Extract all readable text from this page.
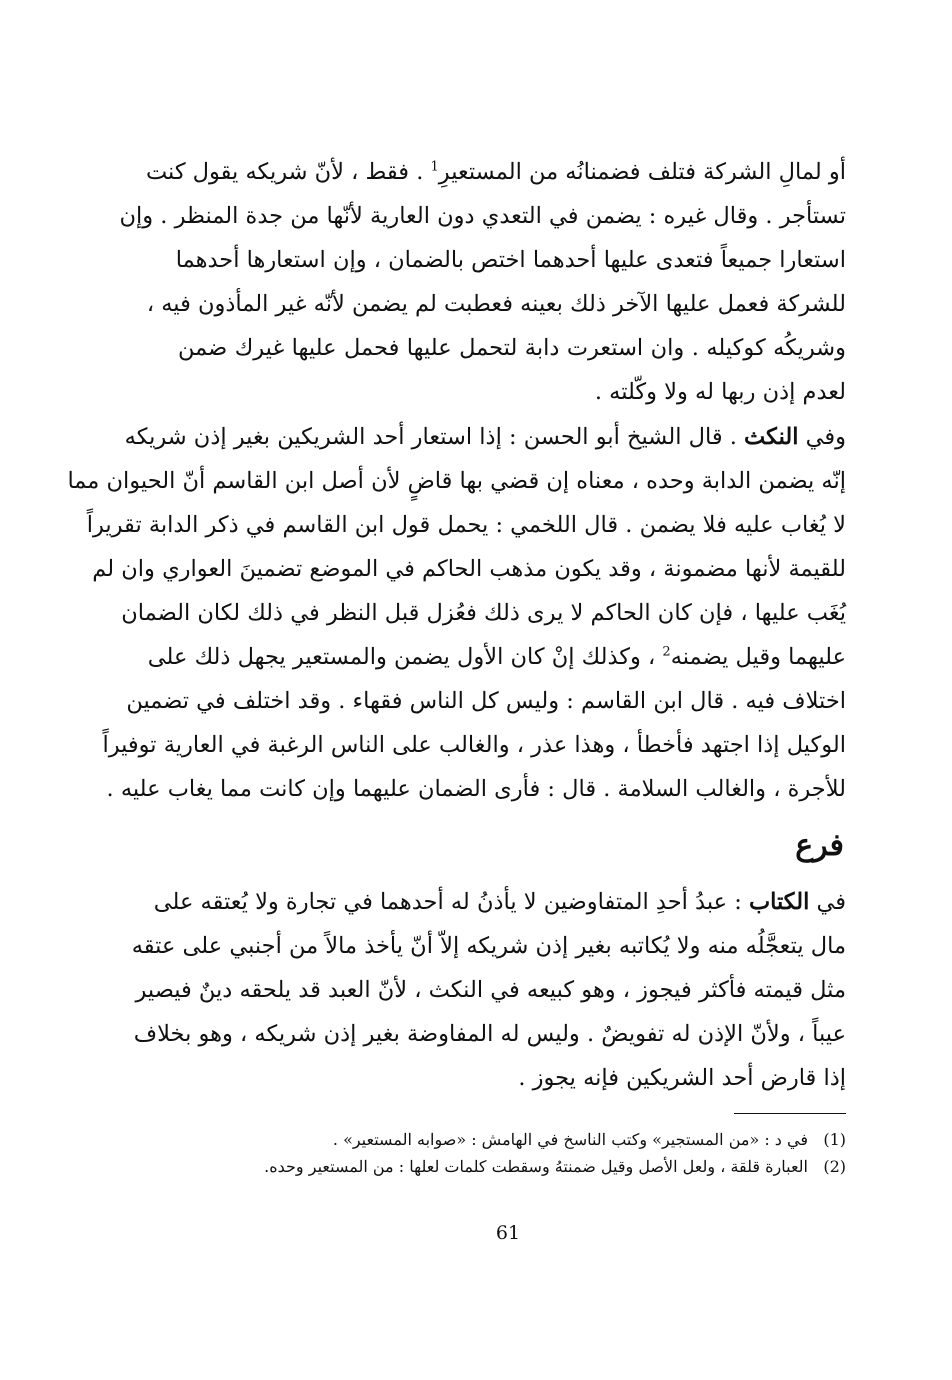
أو لمالِ الشركة فتلف فضمنانُه من المستعيرِ$^1$ . فقط ، لأنّ شريكه يقول كنت
تستأجر . وقال غيره : يضمن في التعدي دون العارية لأنّها من جدة المنظر . وإن
استعارا جميعاً فتعدى عليها أحدهما اختص بالضمان ، وإن استعارها أحدهما
للشركة فعمل عليها الآخر ذلك بعينه فعطبت لم يضمن لأنّه غير المأذون فيه ،
وشريكُه كوكيله . وان استعرت دابة لتحمل عليها فحمل عليها غيرك ضمن
لعدم إذن ربها له ولا وكّلته .
وفي النكث . قال الشيخ أبو الحسن : إذا استعار أحد الشريكين بغير إذن شريكه
إنّه يضمن الدابة وحده ، معناه إن قضي بها قاضٍ لأن أصل ابن القاسم أنّ الحيوان مما
لا يُغاب عليه فلا يضمن . قال اللخمي : يحمل قول ابن القاسم في ذكر الدابة تقريراً
للقيمة لأنها مضمونة ، وقد يكون مذهب الحاكم في الموضع تضمينَ العواري وان لم
يُغَب عليها ، فإن كان الحاكم لا يرى ذلك فعُزل قبل النظر في ذلك لكان الضمان
عليهما وقيل يضمنه$^2$ ، وكذلك إنْ كان الأول يضمن والمستعير يجهل ذلك على
اختلاف فيه . قال ابن القاسم : وليس كل الناس فقهاء . وقد اختلف في تضمين
الوكيل إذا اجتهد فأخطأ ، وهذا عذر ، والغالب على الناس الرغبة في العارية توفيراً
للأجرة ، والغالب السلامة . قال : فأرى الضمان عليهما وإن كانت مما يغاب عليه .
فرع
في الكتاب : عبدُ أحدِ المتفاوضين لا يأذنُ له أحدهما في تجارة ولا يُعتقه على
مال يتعجَّلُه منه ولا يُكاتبه بغير إذن شريكه إلاّ أنّ يأخذ مالاً من أجنبي على عتقه
مثل قيمته فأكثر فيجوز ، وهو كبيعه في النكث ، لأنّ العبد قد يلحقه دينٌ فيصير
عيباً ، ولأنّ الإذن له تفويضٌ . وليس له المفاوضة بغير إذن شريكه ، وهو بخلاف
إذا قارض أحد الشريكين فإنه يجوز .
(1)في د : «من المستجير» وكتب الناسخ في الهامش : «صوابه المستعير» .
(2)العبارة قلقة ، ولعل الأصل وقيل ضمنتهُ وسقطت كلمات لعلها : من المستعير وحده.
61
